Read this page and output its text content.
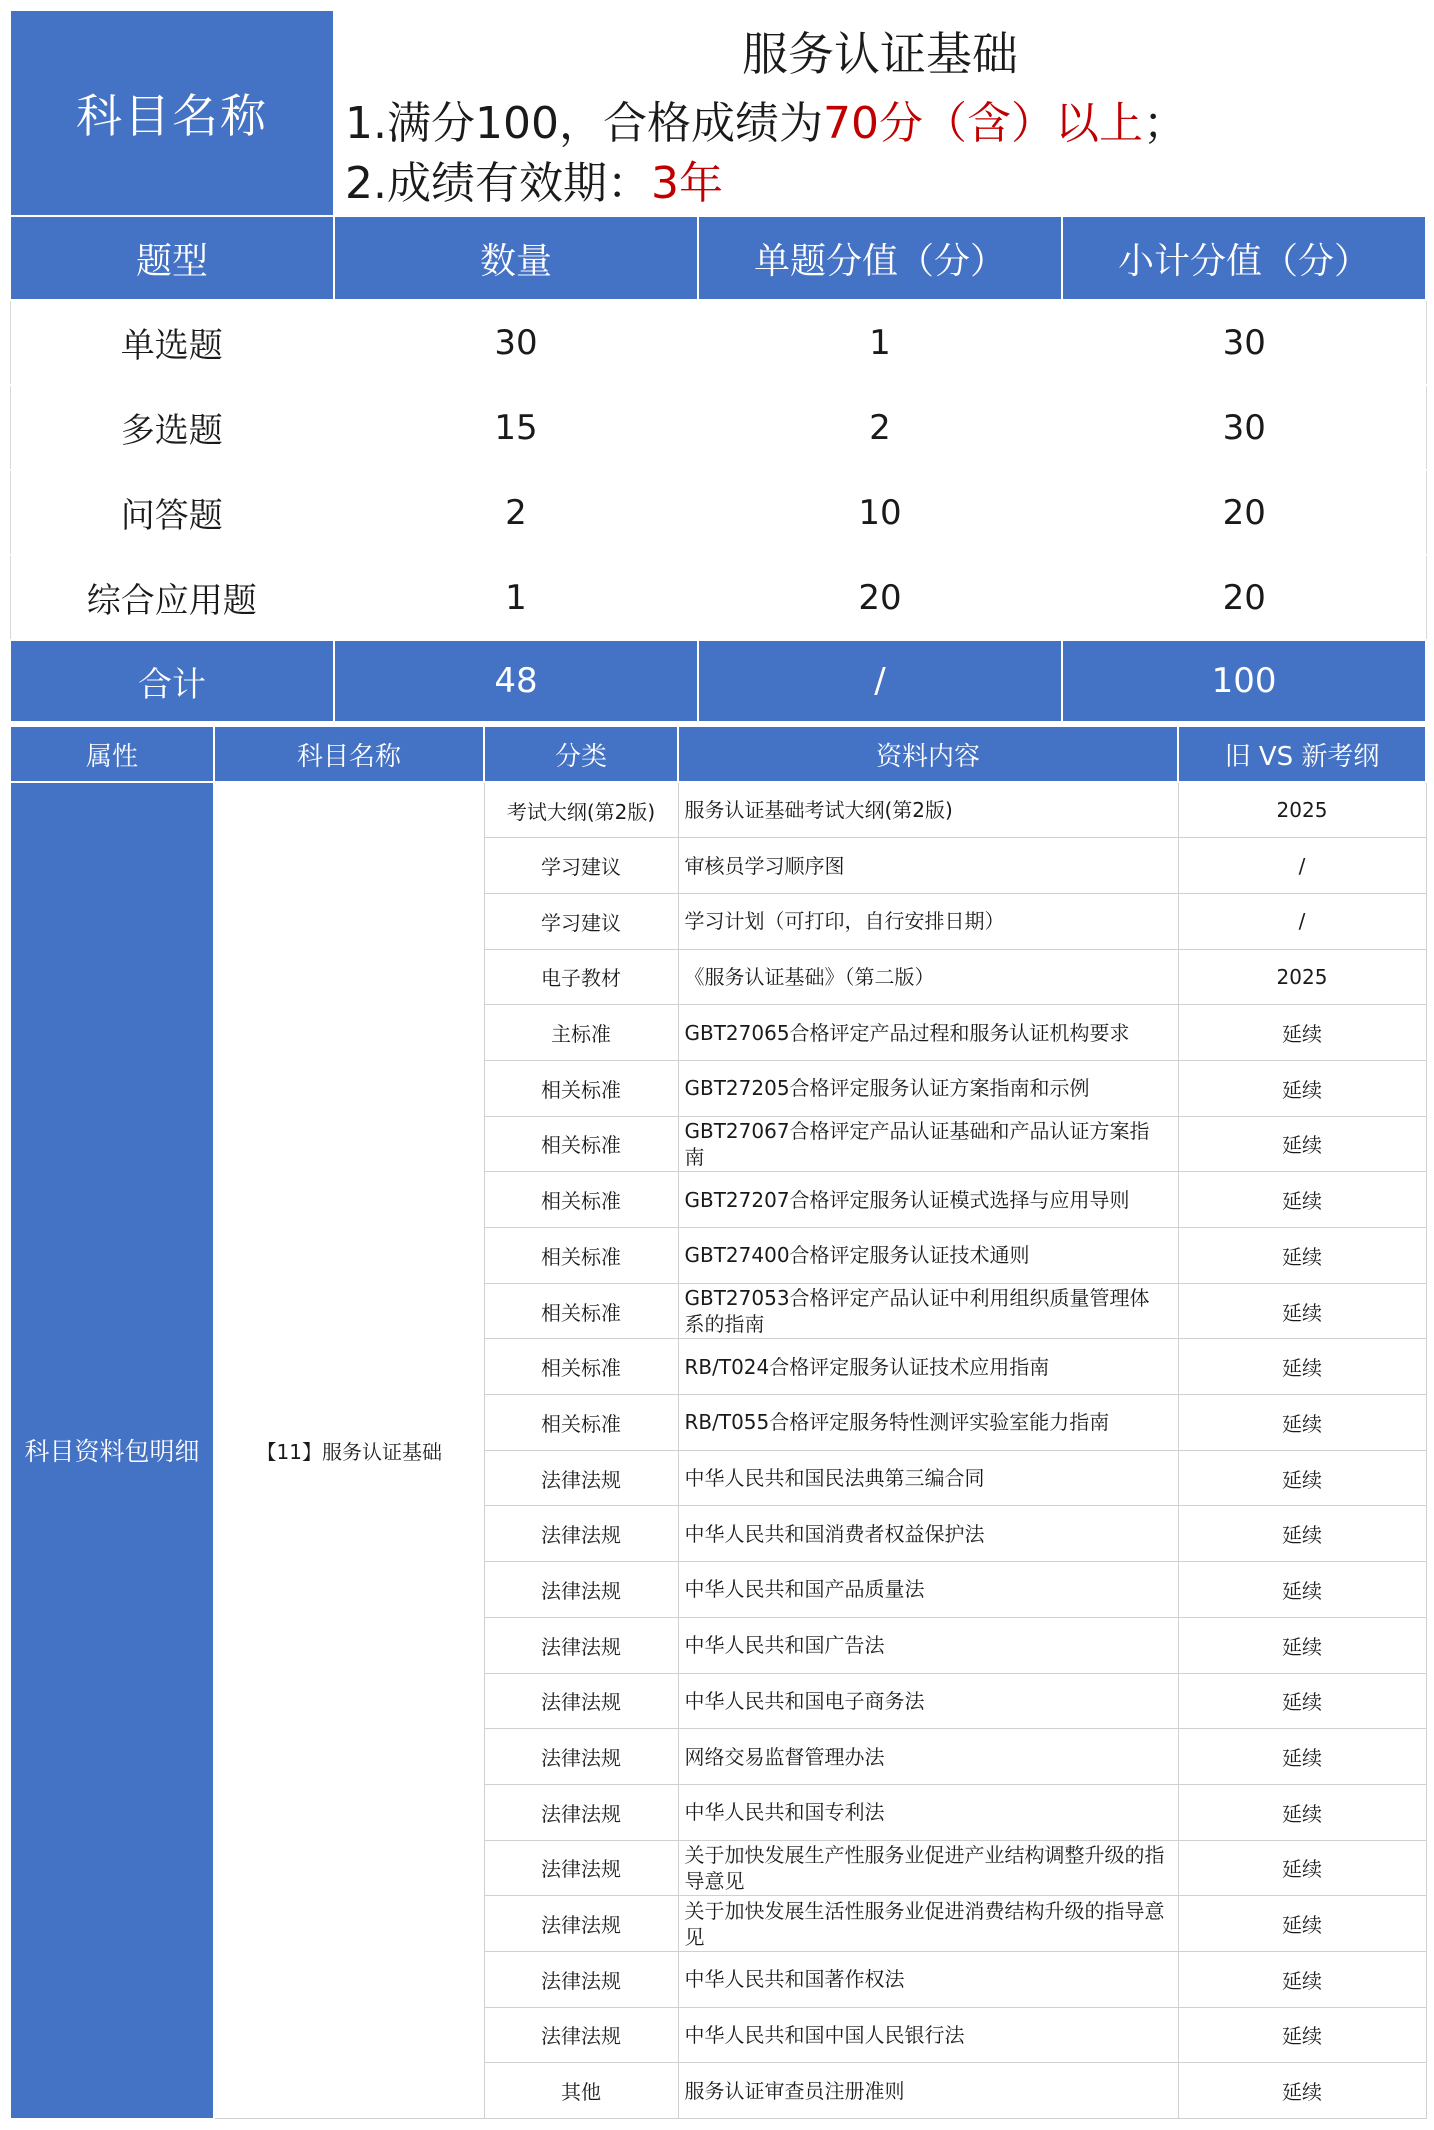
科目名称	服务认证基础		

	1.满分100，合格成绩为70分（含）以上；
2.成绩有效期：3年		

题型	数量	单题分值（分）	小计分值（分）
单选题	30	1	30
多选题	15	2	30
问答题	2	10	20
综合应用题	1	20	20
合计	48	/	100
属性	科目名称	分类	资料内容	旧 VS 新考纲
科目资料包明细	【11】服务认证基础	考试大纲(第2版)	服务认证基础考试大纲(第2版)	2025
		学习建议	审核员学习顺序图	/
		学习建议	学习计划（可打印，自行安排日期）	/
		电子教材	《服务认证基础》（第二版）	2025
		主标准	GBT27065合格评定产品过程和服务认证机构要求	延续
		相关标准	GBT27205合格评定服务认证方案指南和示例	延续
		相关标准	GBT27067合格评定产品认证基础和产品认证方案指南	延续
		相关标准	GBT27207合格评定服务认证模式选择与应用导则	延续
		相关标准	GBT27400合格评定服务认证技术通则	延续
		相关标准	GBT27053合格评定产品认证中利用组织质量管理体系的指南	延续
		相关标准	RB/T024合格评定服务认证技术应用指南	延续
		相关标准	RB/T055合格评定服务特性测评实验室能力指南	延续
		法律法规	中华人民共和国民法典第三编合同	延续
		法律法规	中华人民共和国消费者权益保护法	延续
		法律法规	中华人民共和国产品质量法	延续
		法律法规	中华人民共和国广告法	延续
		法律法规	中华人民共和国电子商务法	延续
		法律法规	网络交易监督管理办法	延续
		法律法规	中华人民共和国专利法	延续
		法律法规	关于加快发展生产性服务业促进产业结构调整升级的指导意见	延续
		法律法规	关于加快发展生活性服务业促进消费结构升级的指导意见	延续
		法律法规	中华人民共和国著作权法	延续
		法律法规	中华人民共和国中国人民银行法	延续
		其他	服务认证审查员注册准则	延续
